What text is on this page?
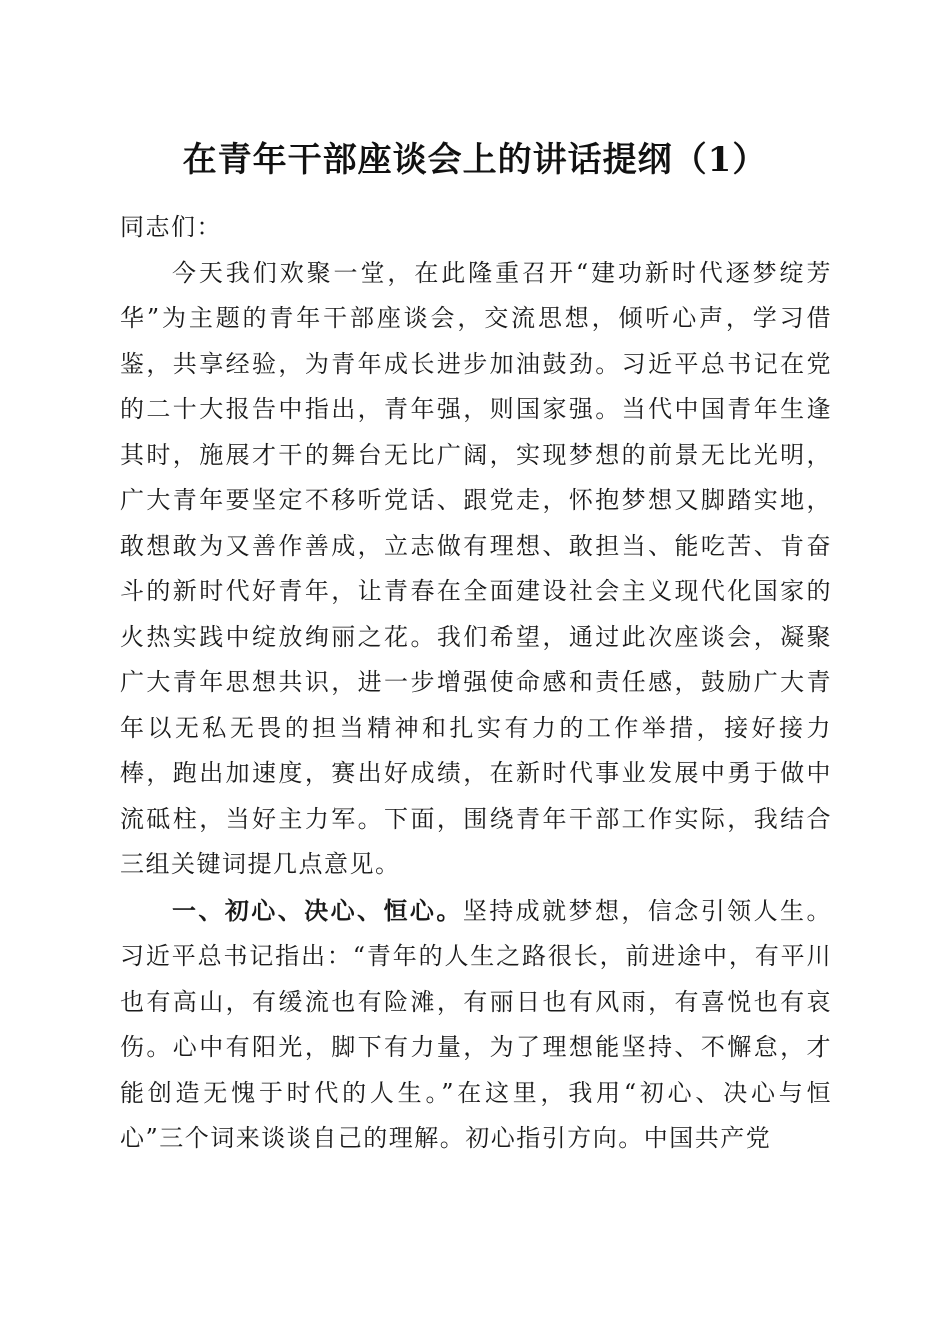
在青年干部座谈会上的讲话提纲（1）

同志们：

今天我们欢聚一堂，在此隆重召开“建功新时代逐梦绽芳华”为主题的青年干部座谈会，交流思想，倾听心声，学习借鉴，共享经验，为青年成长进步加油鼓劲。习近平总书记在党的二十大报告中指出，青年强，则国家强。当代中国青年生逢其时，施展才干的舞台无比广阔，实现梦想的前景无比光明，广大青年要坚定不移听党话、跟党走，怀抱梦想又脚踏实地，敢想敢为又善作善成，立志做有理想、敢担当、能吃苦、肯奋斗的新时代好青年，让青春在全面建设社会主义现代化国家的火热实践中绽放绚丽之花。我们希望，通过此次座谈会，凝聚广大青年思想共识，进一步增强使命感和责任感，鼓励广大青年以无私无畏的担当精神和扎实有力的工作举措，接好接力棒，跑出加速度，赛出好成绩，在新时代事业发展中勇于做中流砥柱，当好主力军。下面，围绕青年干部工作实际，我结合三组关键词提几点意见。

一、初心、决心、恒心。坚持成就梦想，信念引领人生。习近平总书记指出：“青年的人生之路很长，前进途中，有平川也有高山，有缓流也有险滩，有丽日也有风雨，有喜悦也有哀伤。心中有阳光，脚下有力量，为了理想能坚持、不懈怠，才能创造无愧于时代的人生。”在这里，我用“初心、决心与恒心”三个词来谈谈自己的理解。初心指引方向。中国共产党
